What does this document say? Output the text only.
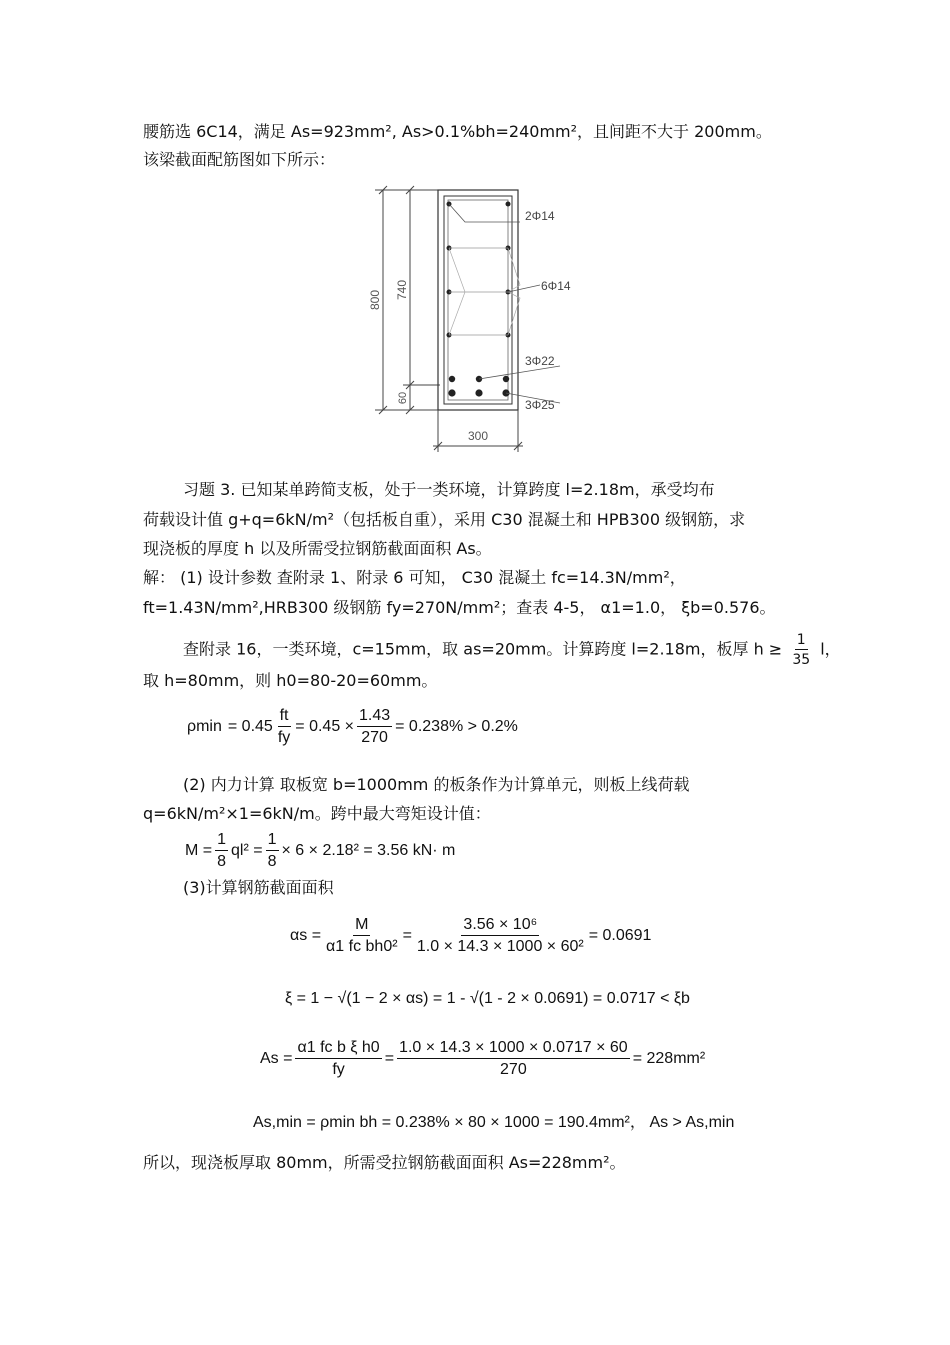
腰筋选 6C14，满足 As=923mm², As>0.1%bh=240mm²，且间距不大于 200mm。
该梁截面配筋图如下所示：
800 740
60
2Φ14
6Φ14
3Φ22
3Φ25
300
习题 3. 已知某单跨简支板，处于一类环境，计算跨度 l=2.18m，承受均布
荷载设计值 g+q=6kN/m²（包括板自重），采用 C30 混凝土和 HPB300 级钢筋，求
现浇板的厚度 h 以及所需受拉钢筋截面面积 As。
解： (1) 设计参数 查附录 1、附录 6 可知， C30 混凝土 fc=14.3N/mm²，
ft=1.43N/mm²,HRB300 级钢筋 fy=270N/mm²；查表 4-5， α1=1.0， ξb=0.576。
查附录 16，一类环境，c=15mm，取 as=20mm。计算跨度 l=2.18m，板厚 $h \ge \frac{1}{35}$ l，
取 h=80mm，则 h0=80-20=60mm。
$\rho\min = 0.45 \frac{ft}{fy} = 0.45 \times \frac{1.43}{270} = 0.238\% > 0.2\%$
(2) 内力计算 取板宽 b=1000mm 的板条作为计算单元，则板上线荷载
q=6kN/m²×1=6kN/m。跨中最大弯矩设计值：
$M = \frac{1}{8} ql^2 = \frac{1}{8} \times 6 \times 2.18^2 = 3.56$ kN· m
(3)计算钢筋截面面积
$\alpha s = \frac{M}{\text{α1 fc bh0²}} = \frac{\text{3.56 × 10⁶}}{\text{1.0 × 14.3 × 1000 × 60²}} = 0.0691$
ξ = 1 − √(1 − 2 × αs) = 1 - √(1 - 2 × 0.0691) = 0.0717 < ξb
$As = \frac{\text{α1 fc b ξ h0}}{fy} = \frac{1.0 \times 14.3 \times 1000 \times 0.0717 \times 60}{270} = 228mm^2$
As,min = ρmin bh = 0.238% × 80 × 1000 = 190.4mm²， As > As,min
所以，现浇板厚取 80mm，所需受拉钢筋截面面积 As=228mm²。
